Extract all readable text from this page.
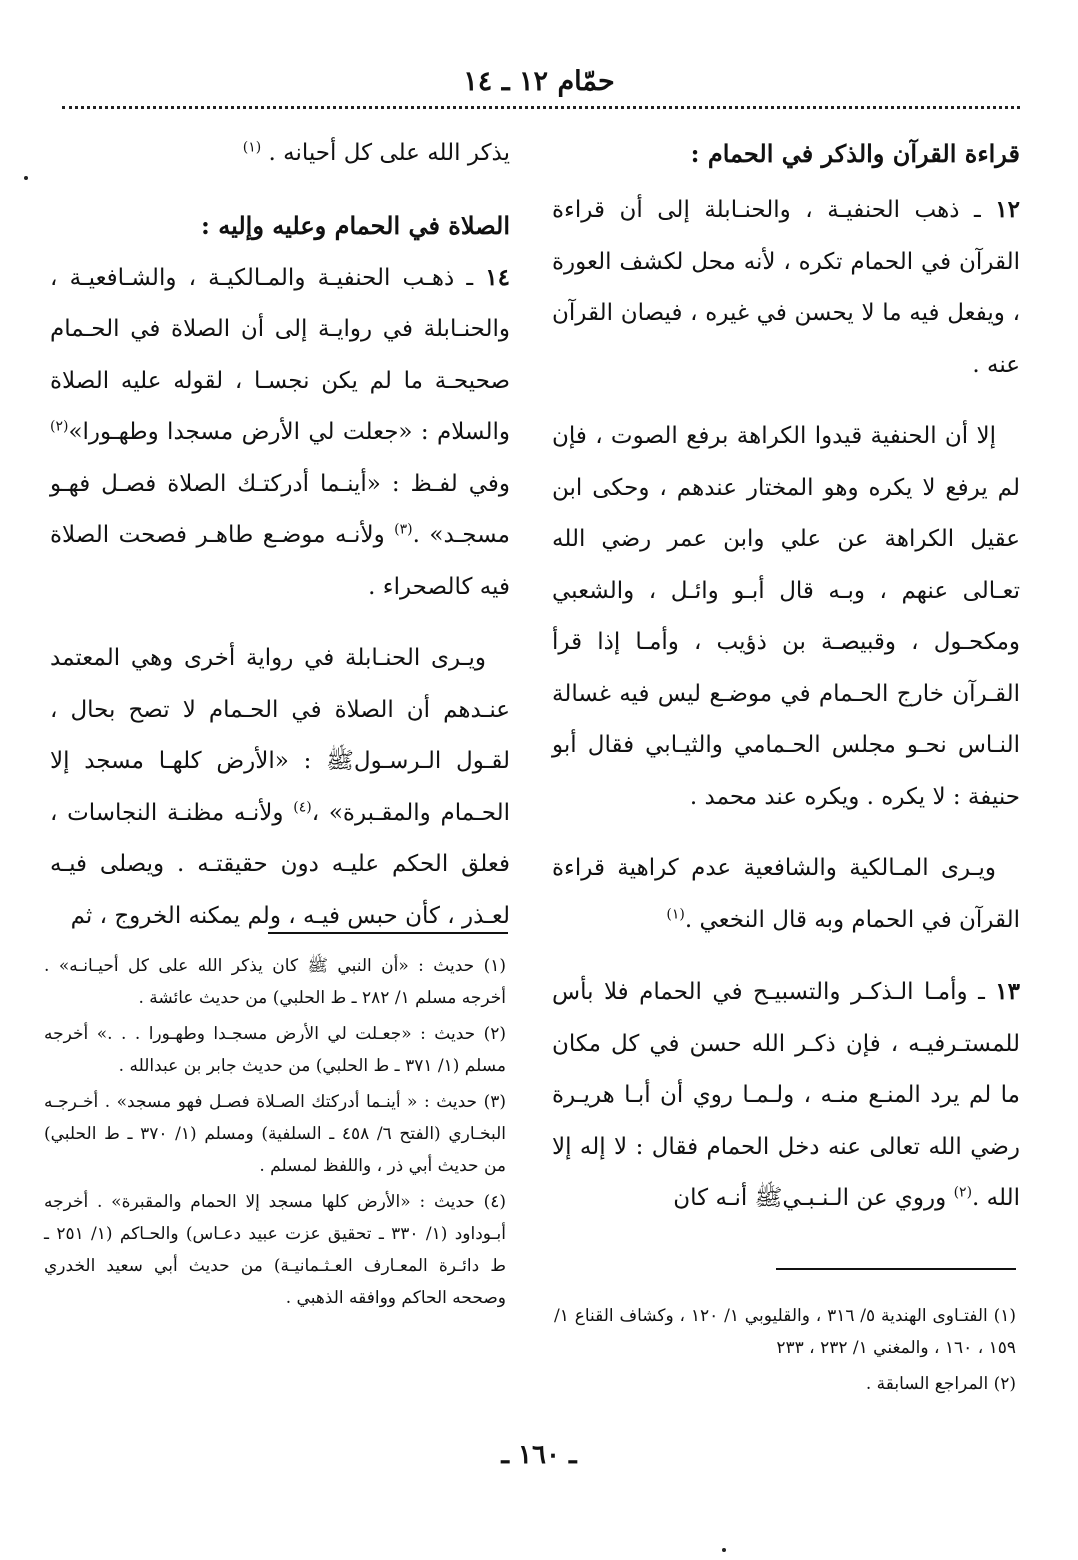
حمّام ١٢ ـ ١٤

قراءة القرآن والذكر في الحمام :

١٢ ـ ذهب الحنفيـة ، والحنـابلة إلى أن قراءة القرآن في الحمام تكره ، لأنه محل لكشف العورة ، ويفعل فيه ما لا يحسن في غيره ، فيصان القرآن عنه .

إلا أن الحنفية قيدوا الكراهة برفع الصوت ، فإن لم يرفع لا يكره وهو المختار عندهم ، وحكى ابن عقيل الكراهة عن علي وابن عمر رضي الله تعـالى عنهم ، وبـه قال أبـو وائـل ، والشعبي ومكحـول ، وقبيصـة بن ذؤيب ، وأمـا إذا قرأ القـرآن خارج الحـمام في موضـع ليس فيه غسالة النـاس نحـو مجلس الحـمامي والثيـابي فقال أبو حنيفة : لا يكره . ويكره عند محمد .

ويـرى المـالكية والشافعية عدم كراهية قراءة القرآن في الحمام وبه قال النخعي .$^{(١)}$

١٣ ـ وأمـا الـذكـر والتسبيـح في الحمام فلا بأس للمستـرفيـه ، فإن ذكـر الله حسن في كل مكان ما لم يرد المنـع منـه ، ولـمـا روي أن أبـا هريـرة رضي الله تعالى عنه دخل الحمام فقال : لا إله إلا الله .$^{(٢)}$ وروي عن الـنـبـيﷺ أنـه كان

(١) الفتـاوى الهندية ٥/ ٣١٦ ، والقليوبي ١/ ١٢٠ ، وكشاف القناع ١/ ١٥٩ ، ١٦٠ ، والمغني ١/ ٢٣٢ ، ٢٣٣

(٢) المراجع السابقة .

يذكر الله على كل أحيانه . $^{(١)}$

الصلاة في الحمام وعليه وإليه :

١٤ ـ ذهـب الحنفيـة والمـالكيـة ، والشـافعيـة ، والحنـابلة في روايـة إلى أن الصلاة في الحـمام صحيحـة ما لم يكن نجسـا ، لقوله عليه الصلاة والسلام : «جعلت لي الأرض مسجدا وطهـورا»$^{(٢)}$ وفي لفـظ : «أينـما أدركتـك الصلاة فصـل فهـو مسجـد» .$^{(٣)}$ ولأنـه موضـع طاهـر فصحت الصلاة فيه كالصحراء .

ويـرى الحنـابلة في رواية أخرى وهي المعتمد عنـدهم أن الصلاة في الحـمام لا تصح بحال ، لقـول الـرسـولﷺ : «الأرض كلهـا مسجد إلا الحـمام والمقـبرة» ،$^{(٤)}$ ولأنـه مظنـة النجاسات ، فعلق الحكم عليـه دون حقيقتـه . ويصلى فيـه لعـذر ، كأن حبس فيـه ، ولم يمكنه الخروج ، ثم

(١) حديث : «أن النبي ﷺ كان يذكر الله على كل أحيـانـه» . أخرجه مسلم ١/ ٢٨٢ ـ ط الحلبي) من حديث عائشة .

(٢) حديث : «جعـلت لي الأرض مسجـدا وطهـورا . . .» أخرجه مسلم (١/ ٣٧١ ـ ط الحلبي) من حديث جابر بن عبدالله .

(٣) حديث : « أينـما أدركتك الصـلاة فصـل فهو مسجد» . أخـرجـه البخـاري (الفتح ٦/ ٤٥٨ ـ السلفية) ومسلم (١/ ٣٧٠ ـ ط الحلبي) من حديث أبي ذر ، واللفظ لمسلم .

(٤) حديث : «الأرض كلها مسجد إلا الحمام والمقبرة» . أخرجه أبـوداود (١/ ٣٣٠ ـ تحقيق عزت عبيد دعـاس) والحـاكم (١/ ٢٥١ ـ ط دائـرة المعـارف العـثـمانيـة) من حديث أبي سعيد الخدري وصححه الحاكم ووافقه الذهبي .

ـ ١٦٠ ـ
